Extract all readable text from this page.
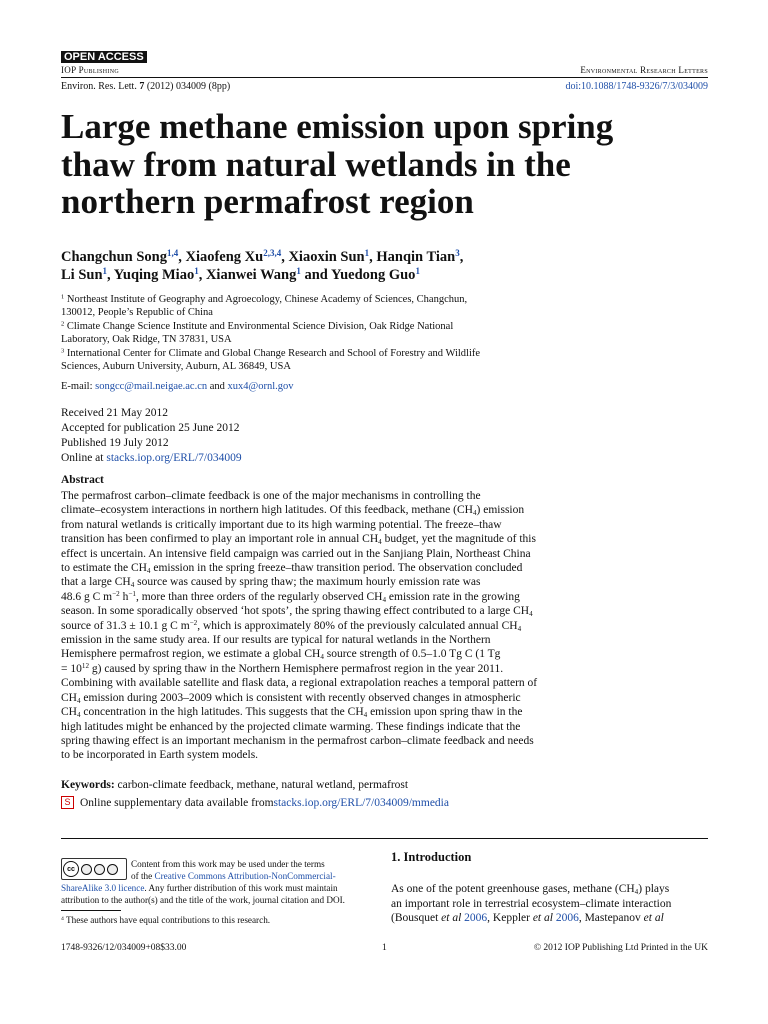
OPEN ACCESS
IOP Publishing	Environmental Research Letters
Environ. Res. Lett. 7 (2012) 034009 (8pp)	doi:10.1088/1748-9326/7/3/034009
Large methane emission upon spring
thaw from natural wetlands in the
northern permafrost region
Changchun Song$^{1,4}$, Xiaofeng Xu$^{2,3,4}$, Xiaoxin Sun$^1$, Hanqin Tian$^3$,
Li Sun$^1$, Yuqing Miao$^1$, Xianwei Wang$^1$ and Yuedong Guo$^1$

$^1$ Northeast Institute of Geography and Agroecology, Chinese Academy of Sciences, Changchun,
130012, People’s Republic of China

$^2$ Climate Change Science Institute and Environmental Science Division, Oak Ridge National
Laboratory, Oak Ridge, TN 37831, USA

$^3$ International Center for Climate and Global Change Research and School of Forestry and Wildlife
Sciences, Auburn University, Auburn, AL 36849, USA

E-mail: songcc@mail.neigae.ac.cn and xux4@ornl.gov

Received 21 May 2012

Accepted for publication 25 June 2012

Published 19 July 2012

Online at stacks.iop.org/ERL/7/034009

Abstract
The permafrost carbon–climate feedback is one of the major mechanisms in controlling the
climate–ecosystem interactions in northern high latitudes. Of this feedback, methane $(CH_4)$ emission
from natural wetlands is critically important due to its high warming potential. The freeze–thaw
transition has been confirmed to play an important role in annual $CH_4$ budget, yet the magnitude of this
effect is uncertain. An intensive field campaign was carried out in the Sanjiang Plain, Northeast China
to estimate the $CH_4$ emission in the spring freeze–thaw transition period. The observation concluded
that a large $CH_4$ source was caused by spring thaw; the maximum hourly emission rate was
48.6 g C $m^{-2}$ $h^{-1}$, more than three orders of the regularly observed $CH_4$ emission rate in the growing
season. In some sporadically observed ‘hot spots’, the spring thawing effect contributed to a large $CH_4$
source of 31.3 ± 10.1 g C $m^{-2}$, which is approximately 80% of the previously calculated annual $CH_4$
emission in the same study area. If our results are typical for natural wetlands in the Northern
Hemisphere permafrost region, we estimate a global $CH_4$ source strength of 0.5–1.0 Tg C (1 Tg
= $10^{12}$ g) caused by spring thaw in the Northern Hemisphere permafrost region in the year 2011.
Combining with available satellite and flask data, a regional extrapolation reaches a temporal pattern of
$CH_4$ emission during 2003–2009 which is consistent with recently observed changes in atmospheric
$CH_4$ concentration in the high latitudes. This suggests that the $CH_4$ emission upon spring thaw in the
high latitudes might be enhanced by the projected climate warming. These findings indicate that the
spring thawing effect is an important mechanism in the permafrost carbon–climate feedback and needs
to be incorporated in Earth system models.
Keywords: carbon-climate feedback, methane, natural wetland, permafrost
S Online supplementary data available from stacks.iop.org/ERL/7/034009/mmedia

Content from this work may be used under the terms

of the Creative Commons Attribution-NonCommercial-

ShareAlike 3.0 licence. Any further distribution of this work must maintain

attribution to the author(s) and the title of the work, journal citation and DOI.

cc
$^4$ These authors have equal contributions to this research.
1. Introduction
As one of the potent greenhouse gases, methane $(CH_4)$ plays
an important role in terrestrial ecosystem–climate interaction
(Bousquet et al 2006, Keppler et al 2006, Mastepanov et al
1748-9326/12/034009+08$33.00	1	© 2012 IOP Publishing Ltd Printed in the UK
